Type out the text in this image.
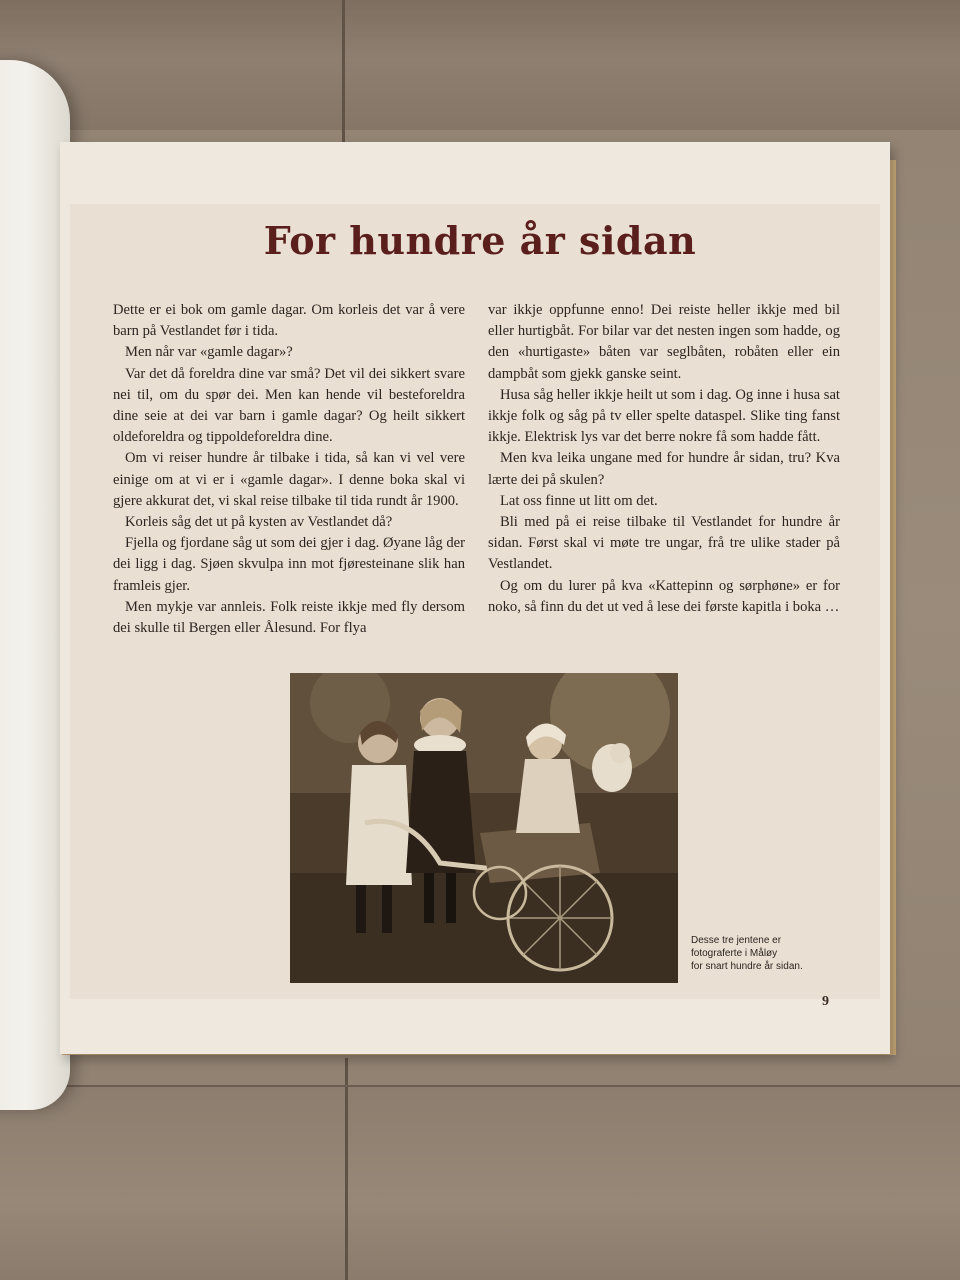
For hundre år sidan

Dette er ei bok om gamle dagar. Om korleis det var å vere barn på Vestlandet før i tida.

Men når var «gamle dagar»?

Var det då foreldra dine var små? Det vil dei sikkert svare nei til, om du spør dei. Men kan hende vil besteforeldra dine seie at dei var barn i gamle dagar? Og heilt sikkert oldeforeldra og tippoldeforeldra dine.

Om vi reiser hundre år tilbake i tida, så kan vi vel vere einige om at vi er i «gamle dagar». I denne boka skal vi gjere akkurat det, vi skal reise tilbake til tida rundt år 1900.

Korleis såg det ut på kysten av Vestlandet då?

Fjella og fjordane såg ut som dei gjer i dag. Øyane låg der dei ligg i dag. Sjøen skvulpa inn mot fjøresteinane slik han framleis gjer.

Men mykje var annleis. Folk reiste ikkje med fly dersom dei skulle til Bergen eller Ålesund. For flya

var ikkje oppfunne enno! Dei reiste heller ikkje med bil eller hurtigbåt. For bilar var det nesten ingen som hadde, og den «hurtigaste» båten var seglbåten, robåten eller ein dampbåt som gjekk ganske seint.

Husa såg heller ikkje heilt ut som i dag. Og inne i husa sat ikkje folk og såg på tv eller spelte dataspel. Slike ting fanst ikkje. Elektrisk lys var det berre nokre få som hadde fått.

Men kva leika ungane med for hundre år sidan, tru? Kva lærte dei på skulen?

Lat oss finne ut litt om det.

Bli med på ei reise tilbake til Vestlandet for hundre år sidan. Først skal vi møte tre ungar, frå tre ulike stader på Vestlandet.

Og om du lurer på kva «Kattepinn og sørphøne» er for noko, så finn du det ut ved å lese dei første kapitla i boka …

Desse tre jentene er
fotograferte i Måløy
for snart hundre år sidan.
9
